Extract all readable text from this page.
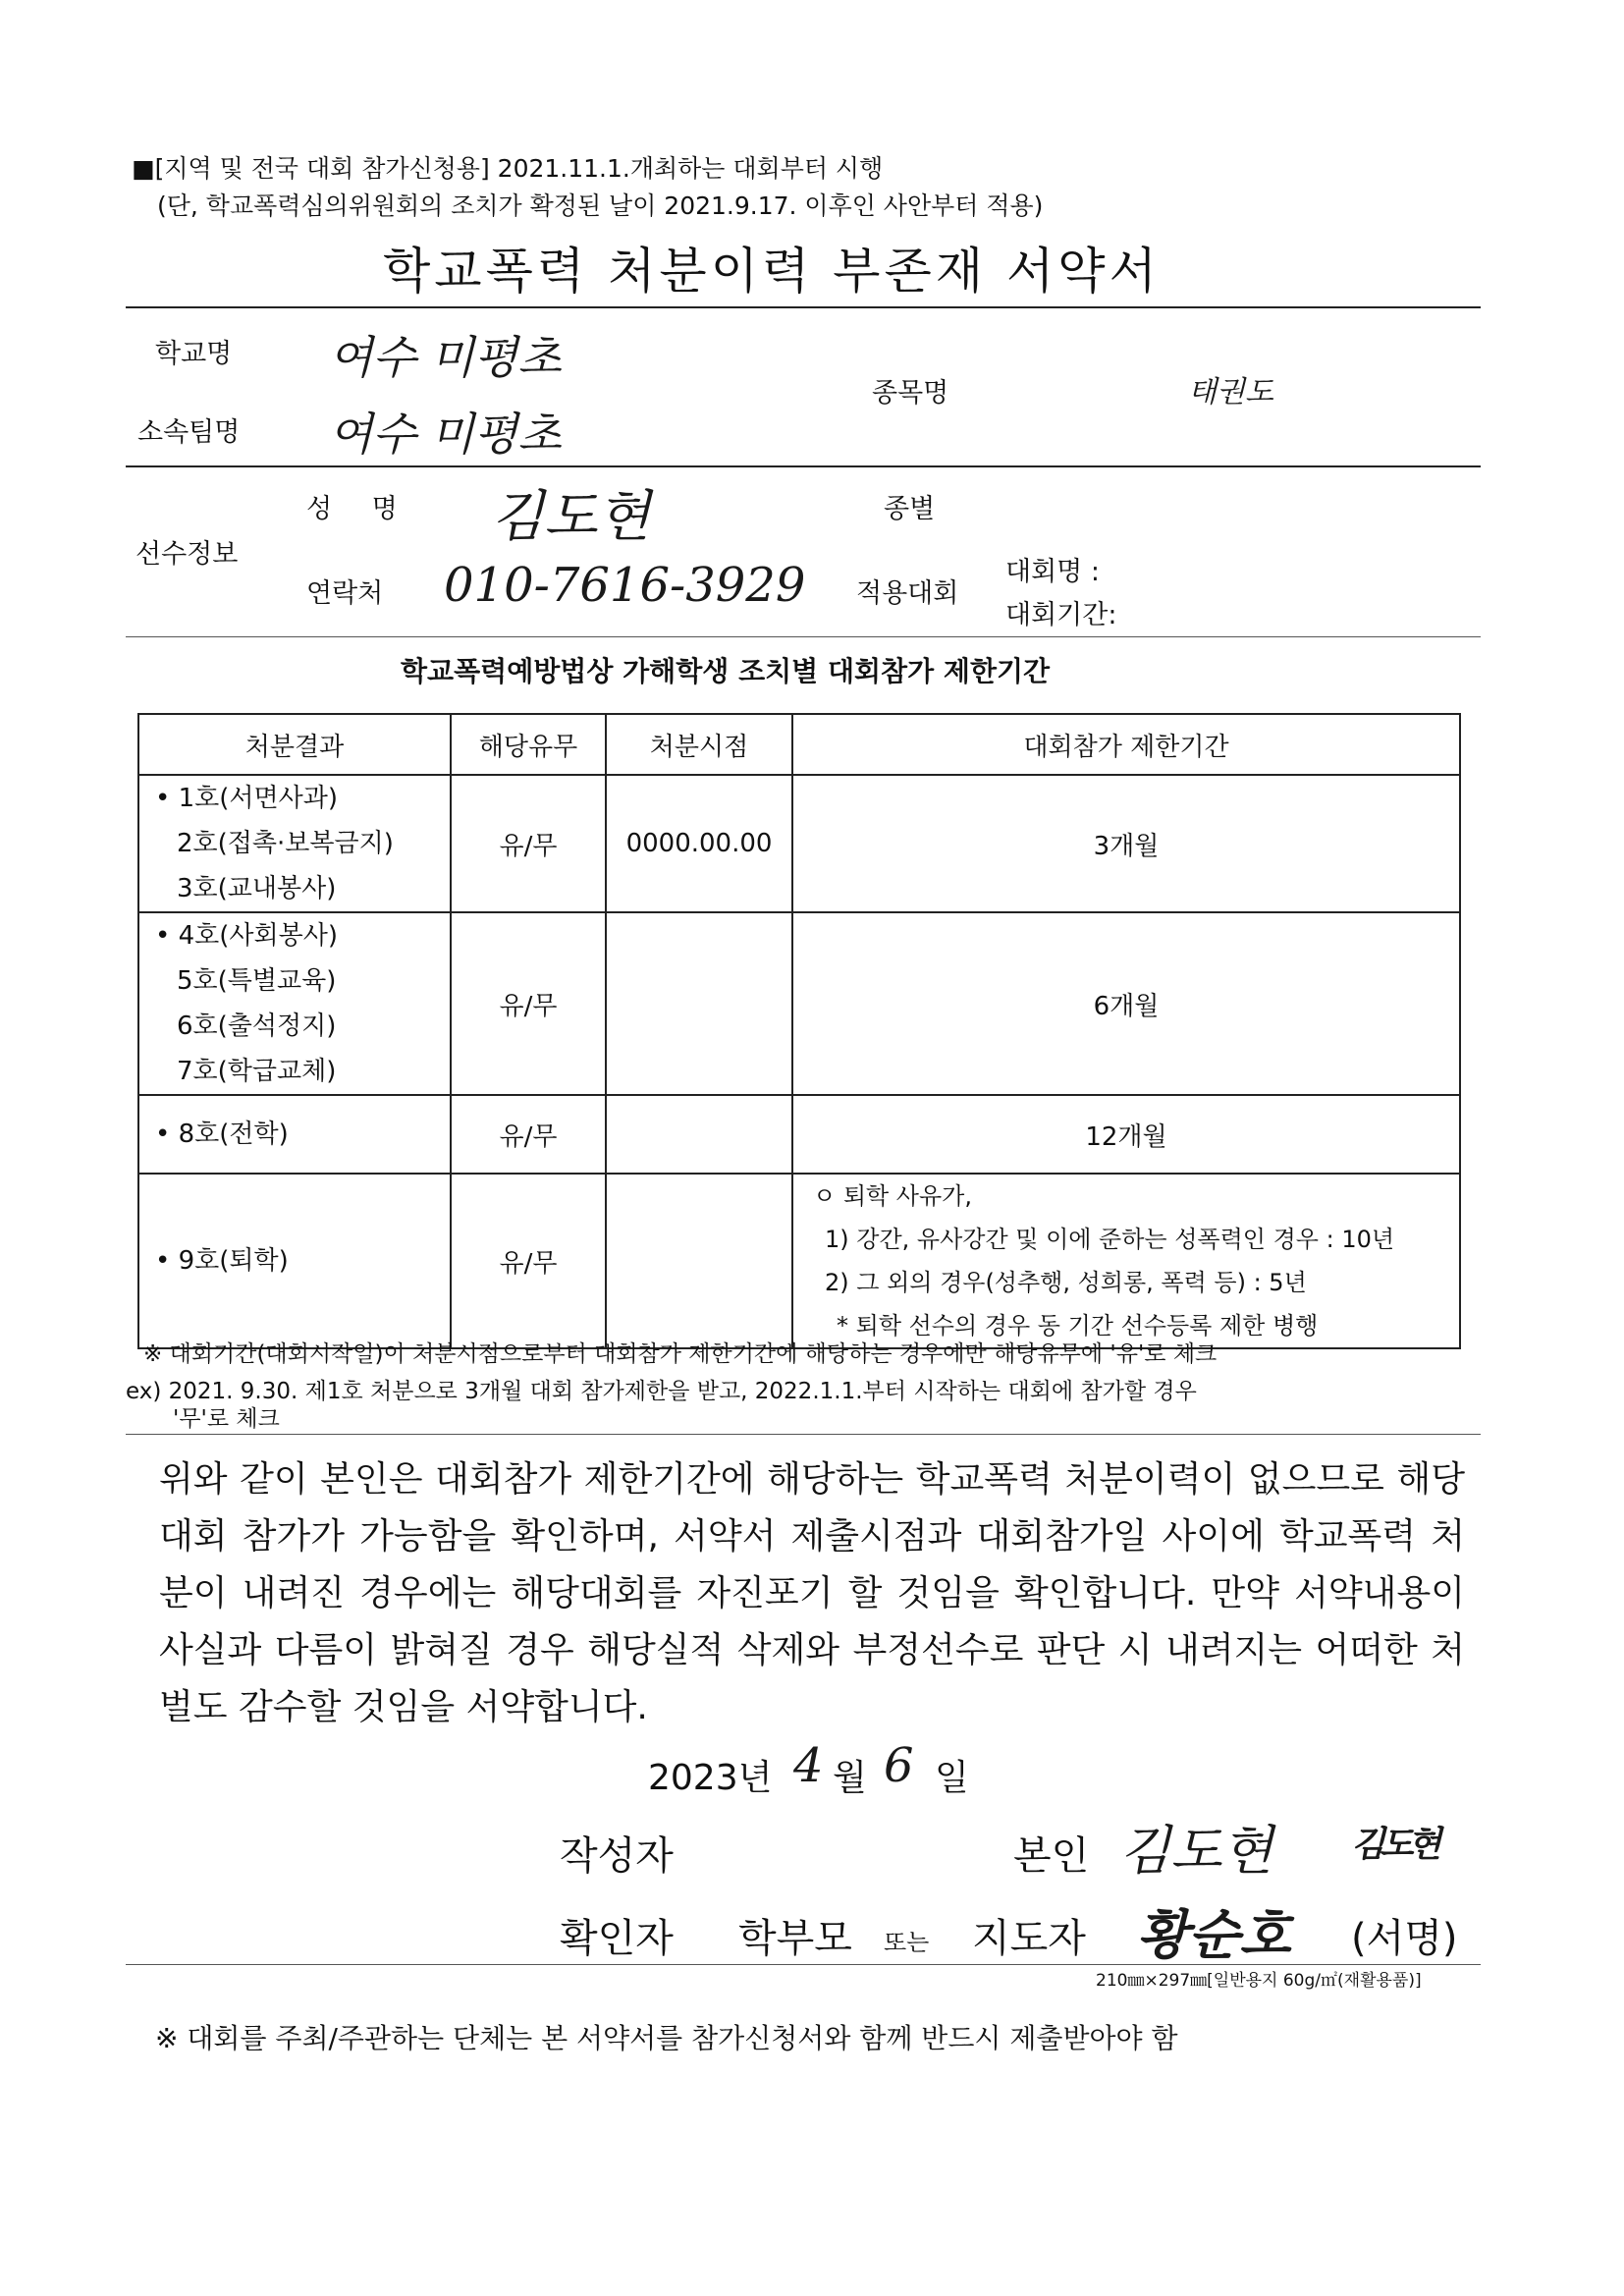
■[지역 및 전국 대회 참가신청용] 2021.11.1.개최하는 대회부터 시행
(단, 학교폭력심의위원회의 조치가 확정된 날이 2021.9.17. 이후인 사안부터 적용)
학교폭력 처분이력 부존재 서약서
학교명 여수 미평초
소속팀명 여수 미평초
종목명	태권도
선수정보
성 명 김도현	종별
연락처 010-7616-3929 적용대회
대회명 :
대회기간:
학교폭력예방법상 가해학생 조치별 대회참가 제한기간
처분결과	해당유무	처분시점	대회참가 제한기간

• 1호(서면사과)
2호(접촉·보복금지)
3호(교내봉사)	유/무	0000.00.00	3개월

• 4호(사회봉사)
5호(특별교육)
6호(출석정지)
7호(학급교체)	유/무		6개월

• 8호(전학)	유/무		12개월

• 9호(퇴학)	유/무		ㅇ 퇴학 사유가,
1) 강간, 유사강간 및 이에 준하는 성폭력인 경우 : 10년
2) 그 외의 경우(성추행, 성희롱, 폭력 등) : 5년
* 퇴학 선수의 경우 동 기간 선수등록 제한 병행
※ 대회기간(대회시작일)이 처분시점으로부터 대회참가 제한기간에 해당하는 경우에만 해당유무에 '유'로 체크
ex) 2021. 9.30. 제1호 처분으로 3개월 대회 참가제한을 받고, 2022.1.1.부터 시작하는 대회에 참가할 경우
'무'로 체크
위와 같이 본인은 대회참가 제한기간에 해당하는 학교폭력 처분이력이 없으므로 해당 대회 참가가 가능함을 확인하며, 서약서 제출시점과 대회참가일 사이에 학교폭력 처분이 내려진 경우에는 해당대회를 자진포기 할 것임을 확인합니다. 만약 서약내용이 사실과 다름이 밝혀질 경우 해당실적 삭제와 부정선수로 판단 시 내려지는 어떠한 처벌도 감수할 것임을 서약합니다.
2023년 4 월 6 일
작성자	본인 김도현 김도현
확인자 학부모 또는 지도자 황순호 (서명)
210㎜×297㎜[일반용지 60g/㎡(재활용품)]
※ 대회를 주최/주관하는 단체는 본 서약서를 참가신청서와 함께 반드시 제출받아야 함
